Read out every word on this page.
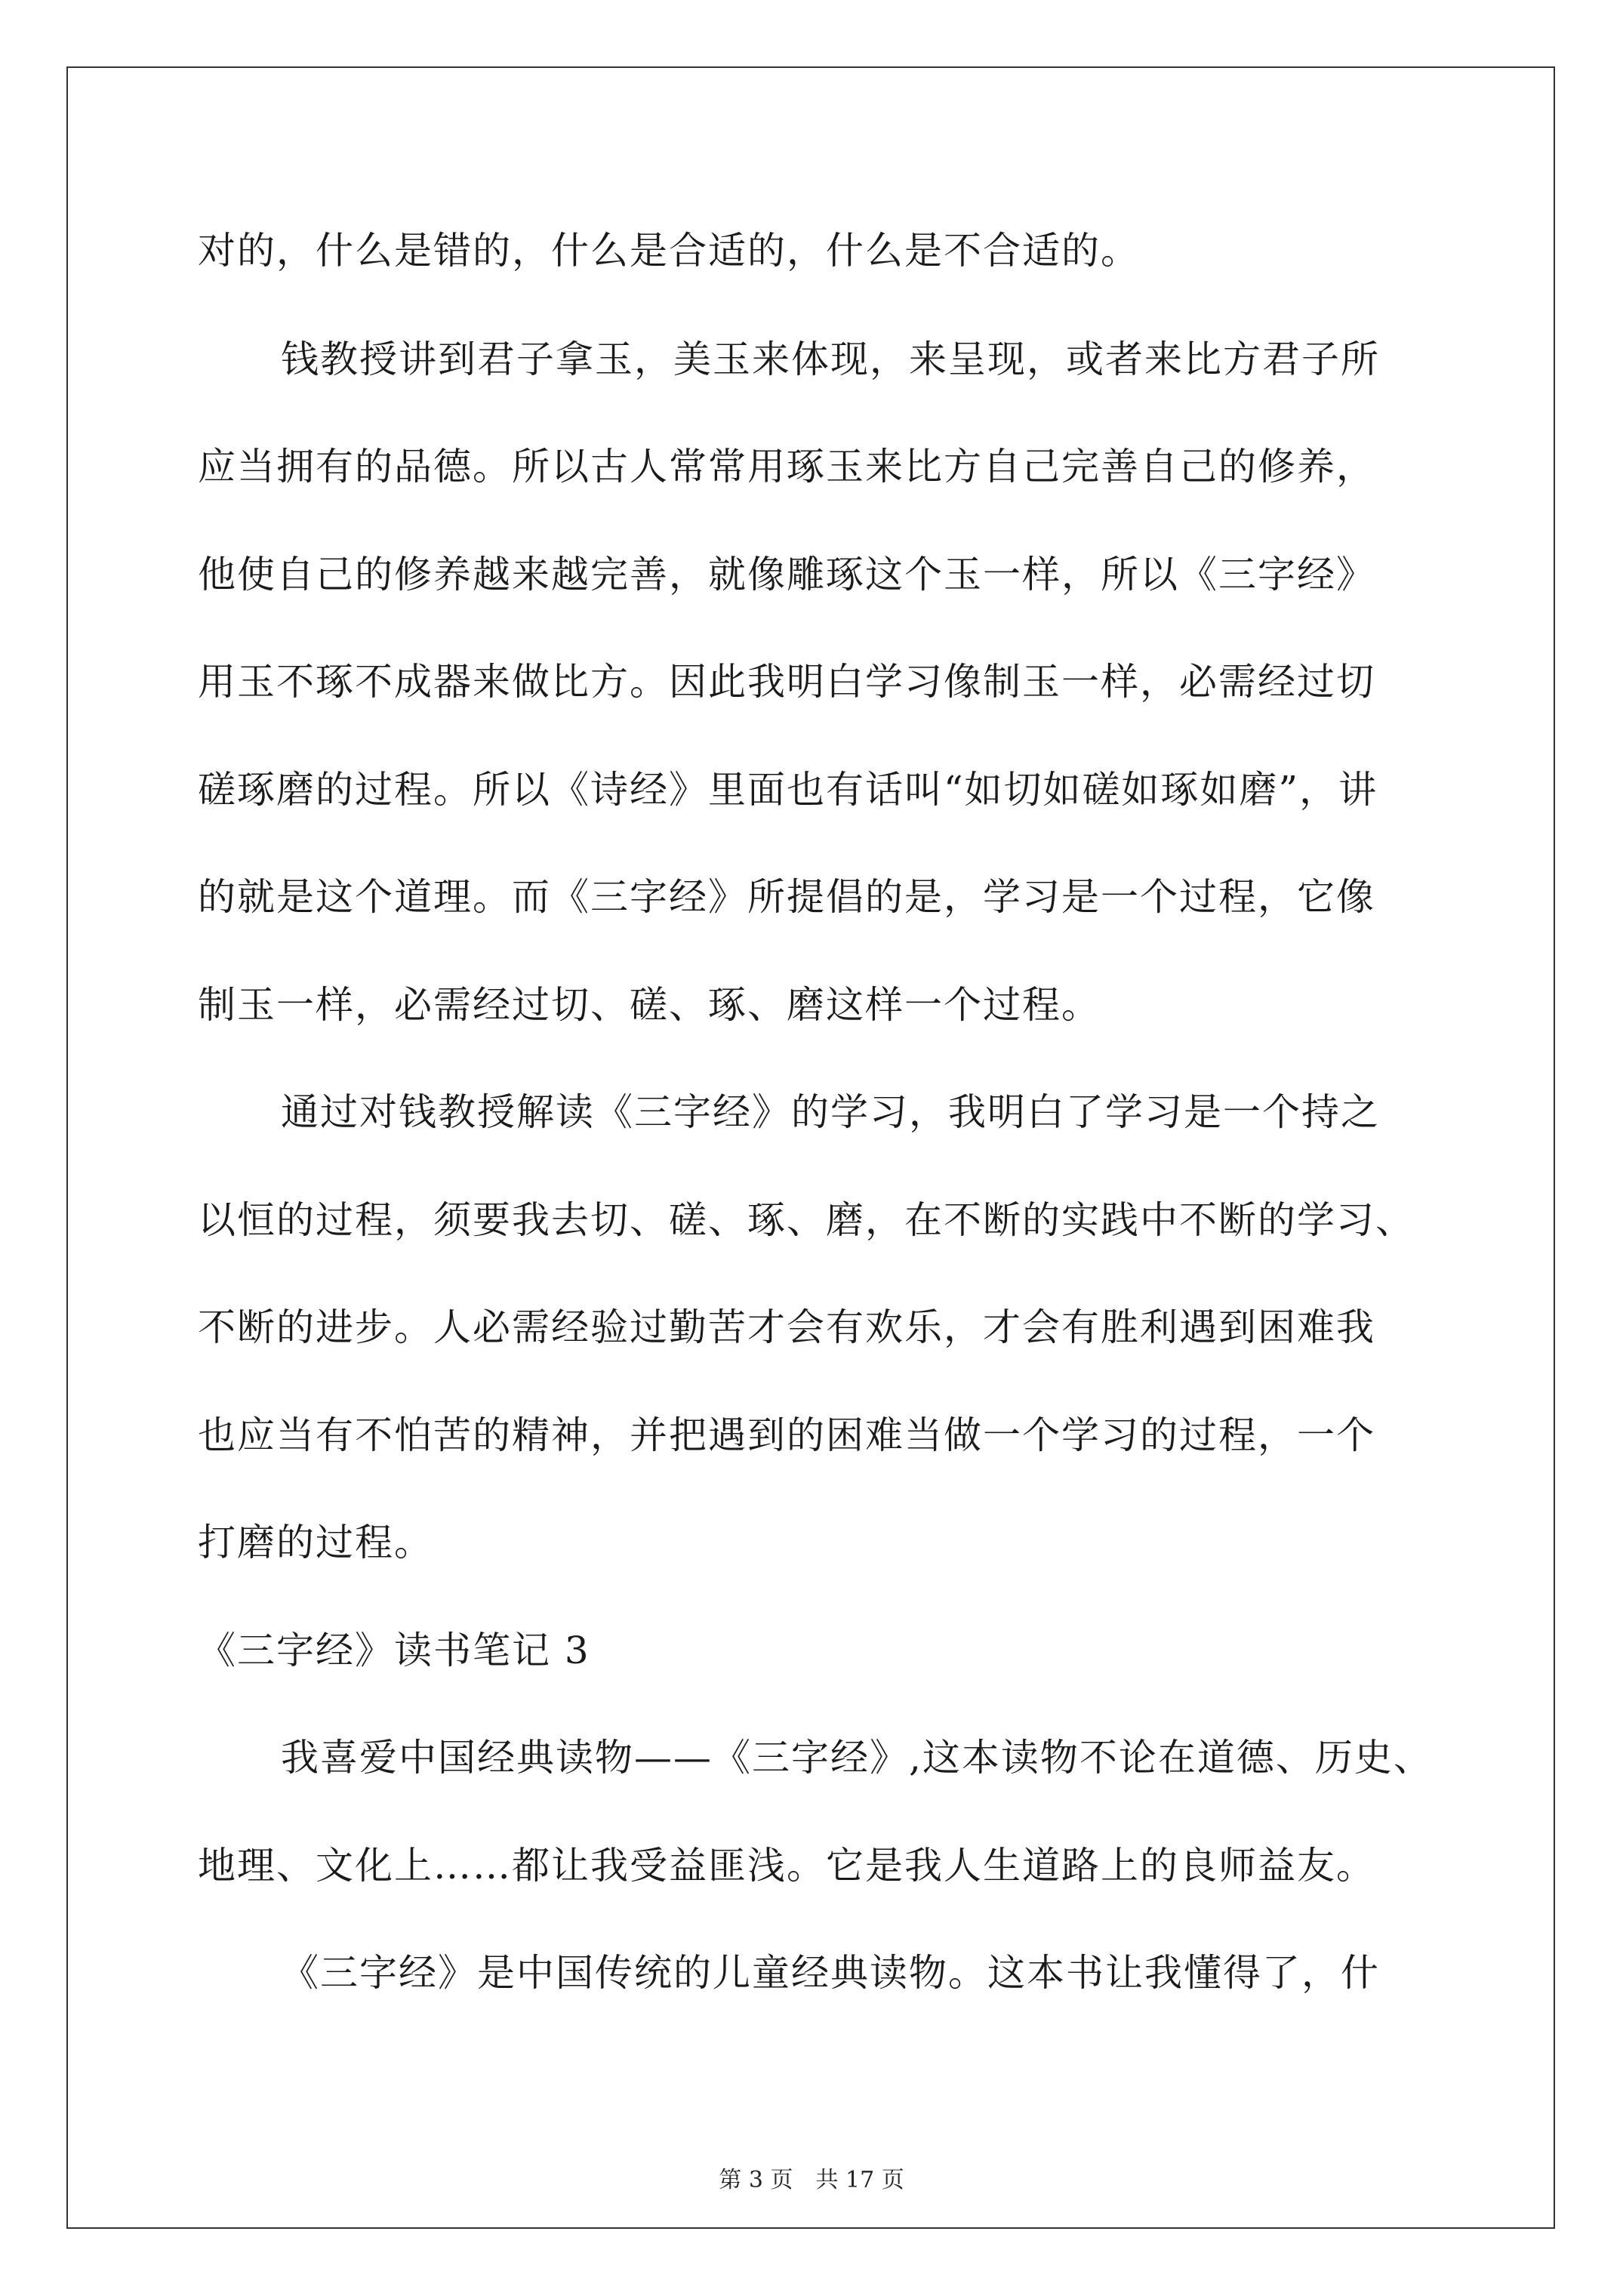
对的，什么是错的，什么是合适的，什么是不合适的。
钱教授讲到君子拿玉，美玉来体现，来呈现，或者来比方君子所
应当拥有的品德。所以古人常常用琢玉来比方自己完善自己的修养，
他使自己的修养越来越完善，就像雕琢这个玉一样，所以《三字经》
用玉不琢不成器来做比方。因此我明白学习像制玉一样，必需经过切
磋琢磨的过程。所以《诗经》里面也有话叫“如切如磋如琢如磨”，讲
的就是这个道理。而《三字经》所提倡的是，学习是一个过程，它像
制玉一样，必需经过切、磋、琢、磨这样一个过程。
通过对钱教授解读《三字经》的学习，我明白了学习是一个持之
以恒的过程，须要我去切、磋、琢、磨，在不断的实践中不断的学习、
不断的进步。人必需经验过勤苦才会有欢乐，才会有胜利遇到困难我
也应当有不怕苦的精神，并把遇到的困难当做一个学习的过程，一个
打磨的过程。
《三字经》读书笔记 3
我喜爱中国经典读物——《三字经》,这本读物不论在道德、历史、
地理、文化上……都让我受益匪浅。它是我人生道路上的良师益友。
《三字经》是中国传统的儿童经典读物。这本书让我懂得了，什
第 3 页　共 17 页
